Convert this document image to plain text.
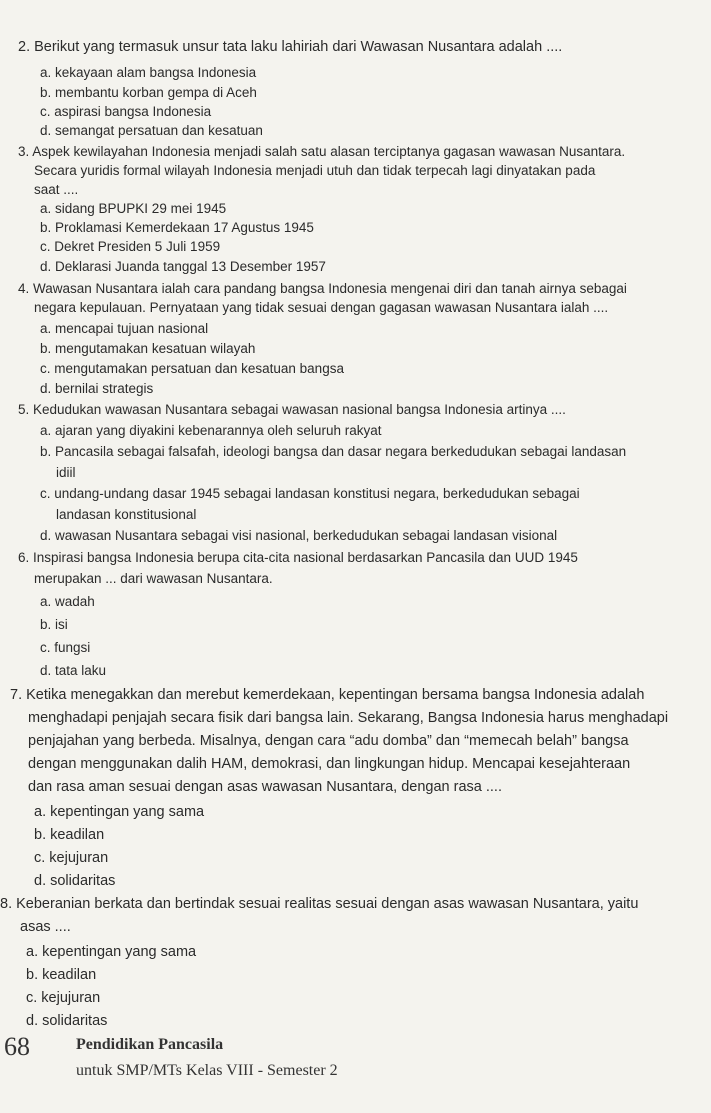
2. Berikut yang termasuk unsur tata laku lahiriah dari Wawasan Nusantara adalah ....
a. kekayaan alam bangsa Indonesia
b. membantu korban gempa di Aceh
c. aspirasi bangsa Indonesia
d. semangat persatuan dan kesatuan
3. Aspek kewilayahan Indonesia menjadi salah satu alasan terciptanya gagasan wawasan Nusantara.
Secara yuridis formal wilayah Indonesia menjadi utuh dan tidak terpecah lagi dinyatakan pada
saat ....
a. sidang BPUPKI 29 mei 1945
b. Proklamasi Kemerdekaan 17 Agustus 1945
c. Dekret Presiden 5 Juli 1959
d. Deklarasi Juanda tanggal 13 Desember 1957
4. Wawasan Nusantara ialah cara pandang bangsa Indonesia mengenai diri dan tanah airnya sebagai
negara kepulauan. Pernyataan yang tidak sesuai dengan gagasan wawasan Nusantara ialah ....
a. mencapai tujuan nasional
b. mengutamakan kesatuan wilayah
c. mengutamakan persatuan dan kesatuan bangsa
d. bernilai strategis
5. Kedudukan wawasan Nusantara sebagai wawasan nasional bangsa Indonesia artinya ....
a. ajaran yang diyakini kebenarannya oleh seluruh rakyat
b. Pancasila sebagai falsafah, ideologi bangsa dan dasar negara berkedudukan sebagai landasan
idiil
c. undang-undang dasar 1945 sebagai landasan konstitusi negara, berkedudukan sebagai
landasan konstitusional
d. wawasan Nusantara sebagai visi nasional, berkedudukan sebagai landasan visional
6. Inspirasi bangsa Indonesia berupa cita-cita nasional berdasarkan Pancasila dan UUD 1945
merupakan ... dari wawasan Nusantara.
a. wadah
b. isi
c. fungsi
d. tata laku
7. Ketika menegakkan dan merebut kemerdekaan, kepentingan bersama bangsa Indonesia adalah
menghadapi penjajah secara fisik dari bangsa lain. Sekarang, Bangsa Indonesia harus menghadapi
penjajahan yang berbeda. Misalnya, dengan cara “adu domba” dan “memecah belah” bangsa
dengan menggunakan dalih HAM, demokrasi, dan lingkungan hidup. Mencapai kesejahteraan
dan rasa aman sesuai dengan asas wawasan Nusantara, dengan rasa ....
a. kepentingan yang sama
b. keadilan
c. kejujuran
d. solidaritas
8. Keberanian berkata dan bertindak sesuai realitas sesuai dengan asas wawasan Nusantara, yaitu
asas ....
a. kepentingan yang sama
b. keadilan
c. kejujuran
d. solidaritas
68	Pendidikan Pancasila
untuk SMP/MTs Kelas VIII - Semester 2
